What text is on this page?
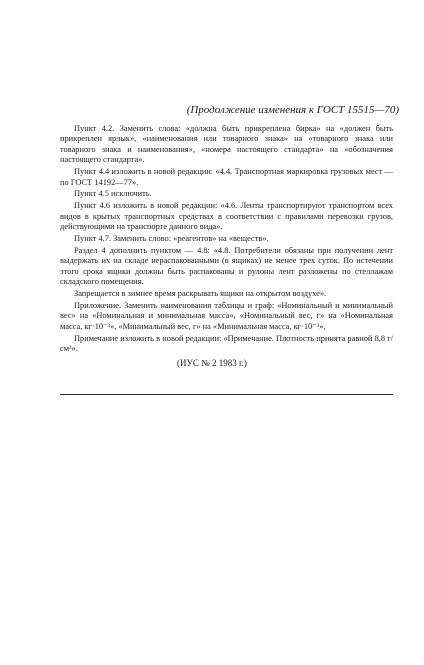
(Продолжение изменения к ГОСТ 15515—70)

Пункт 4.2. Заменить слова: «должна быть прикреплена бирка» на «должен быть прикреплен ярлык», «наименования или товарного знака» на «товарного знака или товарного знака и наименования», «номера настоящего стандарта» на «обозначения настоящего стандарта».

Пункт 4.4 изложить в новой редакции: «4.4. Транспортная маркировка грузовых мест — по ГОСТ 14192—77».

Пункт 4.5 исключить.

Пункт 4.6 изложить в новой редакции: «4.6. Ленты транспортируют транспортом всех видов в крытых транспортных средствах в соответствии с правилами перевозки грузов, действующими на транспорте данного вида».

Пункт 4.7. Заменить слово: «реагентов» на «веществ».

Раздел 4 дополнить пунктом — 4.8: «4.8. Потребители обязаны при получении лент выдержать их на складе нераспакованными (в ящиках) не менее трех суток. По истечении этого срока ящики должны быть распакованы и рулоны лент разложены по стеллажам складского помещения.

Запрещается в зимнее время раскрывать ящики на открытом воздухе».

Приложение. Заменить наименования таблицы и граф: «Номинальный и минимальный вес» на «Номинальная и минимальная масса», «Номинальный вес, г» на «Номинальная масса, кг·10⁻³», «Минимальный вес, г» на «Минимальная масса, кг·10⁻³».

Примечание изложить в новой редакции: «Примечание. Плотность принята равной 8,8 г/см³».

(ИУС № 2 1983 г.)
